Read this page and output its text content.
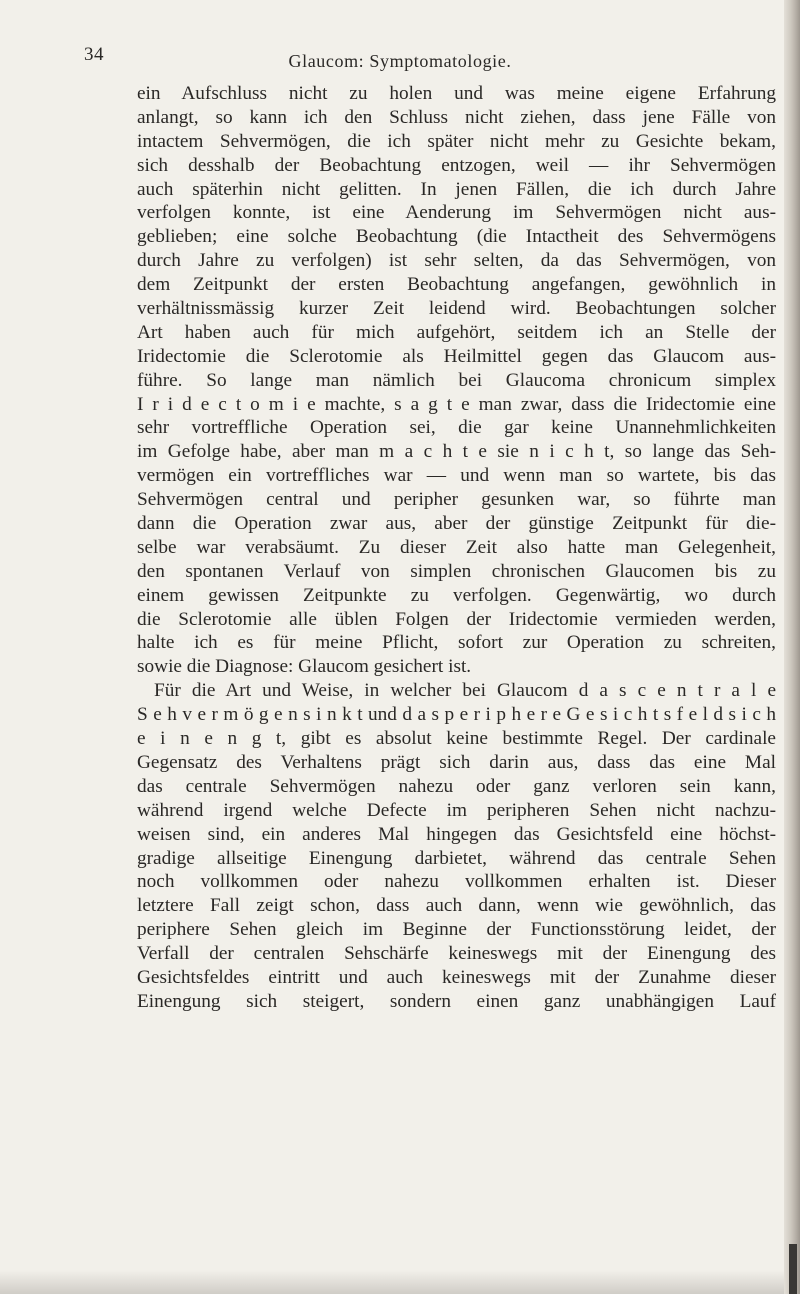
34	Glaucom: Symptomatologie.
ein Aufschluss nicht zu holen und was meine eigene Erfahrung
anlangt, so kann ich den Schluss nicht ziehen, dass jene Fälle von
intactem Sehvermögen, die ich später nicht mehr zu Gesichte bekam,
sich desshalb der Beobachtung entzogen, weil — ihr Sehvermögen
auch späterhin nicht gelitten. In jenen Fällen, die ich durch Jahre
verfolgen konnte, ist eine Aenderung im Sehvermögen nicht aus-
geblieben; eine solche Beobachtung (die Intactheit des Sehvermögens
durch Jahre zu verfolgen) ist sehr selten, da das Sehvermögen, von
dem Zeitpunkt der ersten Beobachtung angefangen, gewöhnlich in
verhältnissmässig kurzer Zeit leidend wird. Beobachtungen solcher
Art haben auch für mich aufgehört, seitdem ich an Stelle der
Iridectomie die Sclerotomie als Heilmittel gegen das Glaucom aus-
führe. So lange man nämlich bei Glaucoma chronicum simplex
I r i d e c t o m i e machte, s a g t e man zwar, dass die Iridectomie eine
sehr vortreffliche Operation sei, die gar keine Unannehmlichkeiten
im Gefolge habe, aber man m a c h t e sie n i c h t, so lange das Seh-
vermögen ein vortreffliches war — und wenn man so wartete, bis das
Sehvermögen central und peripher gesunken war, so führte man
dann die Operation zwar aus, aber der günstige Zeitpunkt für die-
selbe war verabsäumt. Zu dieser Zeit also hatte man Gelegenheit,
den spontanen Verlauf von simplen chronischen Glaucomen bis zu
einem gewissen Zeitpunkte zu verfolgen. Gegenwärtig, wo durch
die Sclerotomie alle üblen Folgen der Iridectomie vermieden werden,
halte ich es für meine Pflicht, sofort zur Operation zu schreiten,
sowie die Diagnose: Glaucom gesichert ist.
Für die Art und Weise, in welcher bei Glaucom d a s c e n t r a l e
S e h v e r m ö g e n s i n k t und d a s p e r i p h e r e G e s i c h t s f e l d s i c h
e i n e n g t, gibt es absolut keine bestimmte Regel. Der cardinale
Gegensatz des Verhaltens prägt sich darin aus, dass das eine Mal
das centrale Sehvermögen nahezu oder ganz verloren sein kann,
während irgend welche Defecte im peripheren Sehen nicht nachzu-
weisen sind, ein anderes Mal hingegen das Gesichtsfeld eine höchst-
gradige allseitige Einengung darbietet, während das centrale Sehen
noch vollkommen oder nahezu vollkommen erhalten ist. Dieser
letztere Fall zeigt schon, dass auch dann, wenn wie gewöhnlich, das
periphere Sehen gleich im Beginne der Functionsstörung leidet, der
Verfall der centralen Sehschärfe keineswegs mit der Einengung des
Gesichtsfeldes eintritt und auch keineswegs mit der Zunahme dieser
Einengung sich steigert, sondern einen ganz unabhängigen Lauf
